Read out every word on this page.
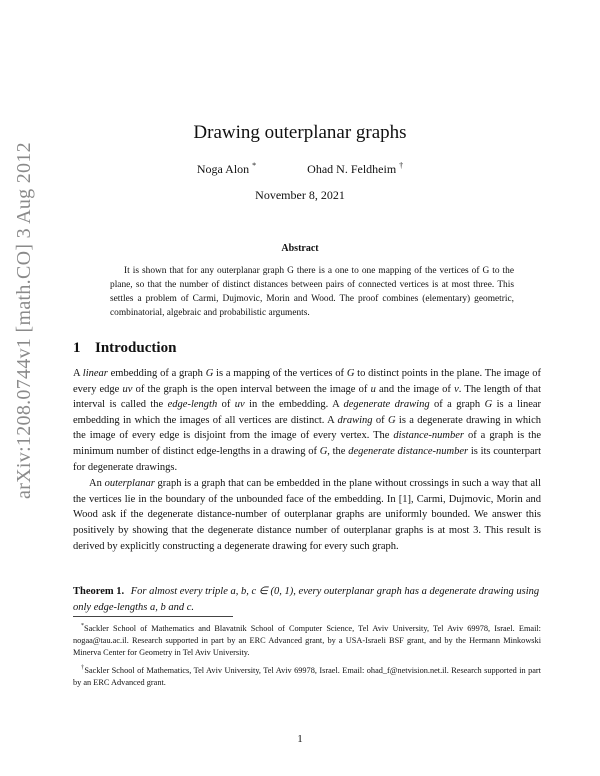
arXiv:1208.0744v1 [math.CO] 3 Aug 2012
Drawing outerplanar graphs
Noga Alon *	Ohad N. Feldheim †
November 8, 2021
Abstract
It is shown that for any outerplanar graph G there is a one to one mapping of the vertices of G to the plane, so that the number of distinct distances between pairs of connected vertices is at most three. This settles a problem of Carmi, Dujmovic, Morin and Wood. The proof combines (elementary) geometric, combinatorial, algebraic and probabilistic arguments.
1 Introduction

A linear embedding of a graph G is a mapping of the vertices of G to distinct points in the plane. The image of every edge uv of the graph is the open interval between the image of u and the image of v. The length of that interval is called the edge-length of uv in the embedding. A degenerate drawing of a graph G is a linear embedding in which the images of all vertices are distinct. A drawing of G is a degenerate drawing in which the image of every edge is disjoint from the image of every vertex. The distance-number of a graph is the minimum number of distinct edge-lengths in a drawing of G, the degenerate distance-number is its counterpart for degenerate drawings.

An outerplanar graph is a graph that can be embedded in the plane without crossings in such a way that all the vertices lie in the boundary of the unbounded face of the embedding. In [1], Carmi, Dujmovic, Morin and Wood ask if the degenerate distance-number of outerplanar graphs are uniformly bounded. We answer this positively by showing that the degenerate distance number of outerplanar graphs is at most 3. This result is derived by explicitly constructing a degenerate drawing for every such graph.

Theorem 1. For almost every triple a, b, c ∈ (0, 1), every outerplanar graph has a degenerate drawing using only edge-lengths a, b and c.

*Sackler School of Mathematics and Blavatnik School of Computer Science, Tel Aviv University, Tel Aviv 69978, Israel. Email: nogaa@tau.ac.il. Research supported in part by an ERC Advanced grant, by a USA-Israeli BSF grant, and by the Hermann Minkowski Minerva Center for Geometry in Tel Aviv University.

†Sackler School of Mathematics, Tel Aviv University, Tel Aviv 69978, Israel. Email: ohad_f@netvision.net.il. Research supported in part by an ERC Advanced grant.

1
